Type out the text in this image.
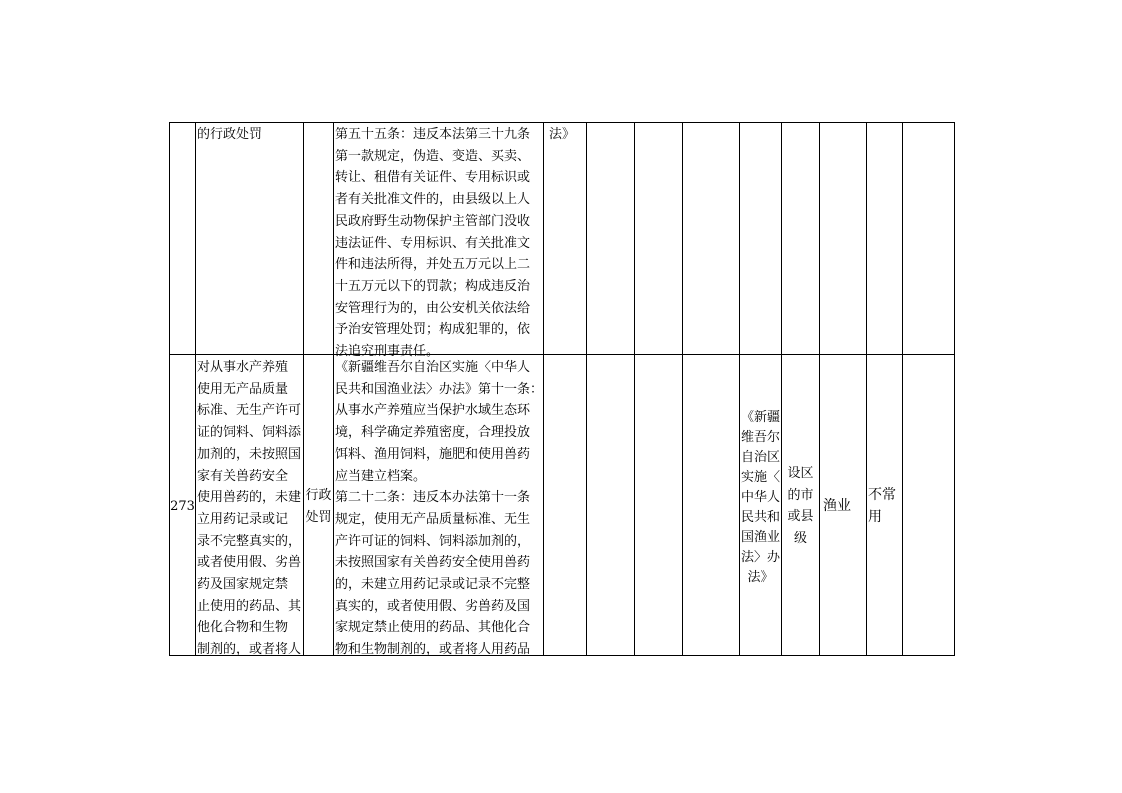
的行政处罚	第五十五条：违反本法第三十九条
第一款规定，伪造、变造、买卖、
转让、租借有关证件、专用标识或
者有关批准文件的，由县级以上人
民政府野生动物保护主管部门没收
违法证件、专用标识、有关批准文
件和违法所得，并处五万元以上二
十五万元以下的罚款；构成违反治
安管理行为的，由公安机关依法给
予治安管理处罚；构成犯罪的，依
法追究刑事责任。
法》
273
对从事水产养殖
使用无产品质量
标准、无生产许可
证的饲料、饲料添
加剂的，未按照国
家有关兽药安全
使用兽药的，未建
立用药记录或记
录不完整真实的，
或者使用假、劣兽
药及国家规定禁
止使用的药品、其
他化合物和生物
制剂的，或者将人
行政
处罚
《新疆维吾尔自治区实施〈中华人
民共和国渔业法〉办法》第十一条：
从事水产养殖应当保护水域生态环
境，科学确定养殖密度，合理投放
饵料、渔用饲料，施肥和使用兽药
应当建立档案。
第二十二条：违反本办法第十一条
规定，使用无产品质量标准、无生
产许可证的饲料、饲料添加剂的，
未按照国家有关兽药安全使用兽药
的，未建立用药记录或记录不完整
真实的，或者使用假、劣兽药及国
家规定禁止使用的药品、其他化合
物和生物制剂的，或者将人用药品
《新疆
维吾尔
自治区
实施〈
中华人
民共和
国渔业
法〉办
法》
设区
的市
或县
级
渔业
不常
用
